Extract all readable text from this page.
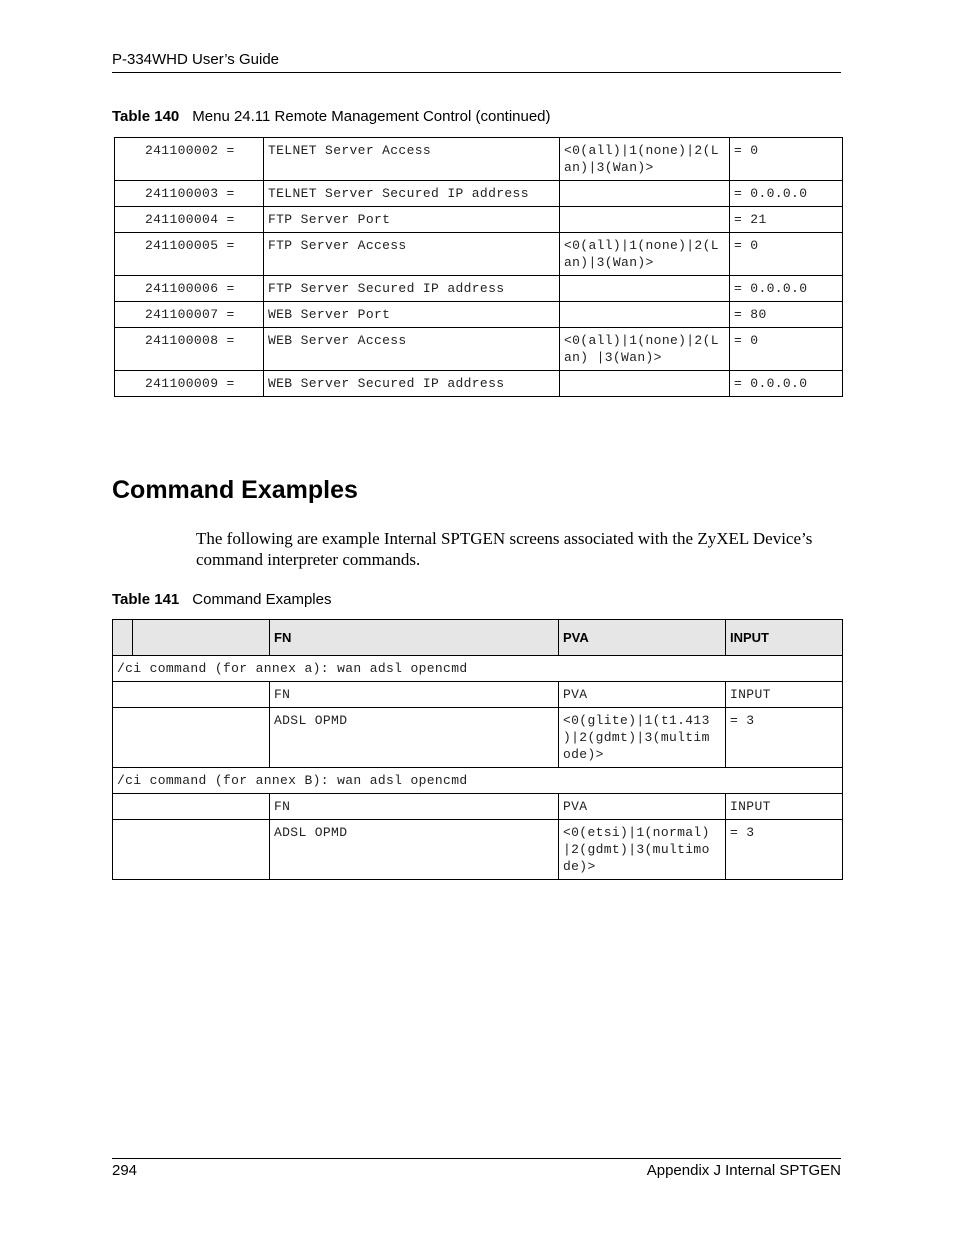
P-334WHD User’s Guide
Table 140 Menu 24.11 Remote Management Control (continued)
241100002 =	TELNET Server Access	<0(all)|1(none)|2(L an)|3(Wan)>	= 0
241100003 =	TELNET Server Secured IP address		= 0.0.0.0
241100004 =	FTP Server Port		= 21
241100005 =	FTP Server Access	<0(all)|1(none)|2(L an)|3(Wan)>	= 0
241100006 =	FTP Server Secured IP address		= 0.0.0.0
241100007 =	WEB Server Port		= 80
241100008 =	WEB Server Access	<0(all)|1(none)|2(L an) |3(Wan)>	= 0
241100009 =	WEB Server Secured IP address		= 0.0.0.0
Command Examples
The following are example Internal SPTGEN screens associated with the ZyXEL Device’s command interpreter commands.
Table 141 Command Examples
		FN	PVA	INPUT
/ci command (for annex a): wan adsl opencmd				
		FN	PVA	INPUT
		ADSL OPMD	<0(glite)|1(t1.413 )|2(gdmt)|3(multim ode)>	= 3
/ci command (for annex B): wan adsl opencmd				
		FN	PVA	INPUT
		ADSL OPMD	<0(etsi)|1(normal) |2(gdmt)|3(multimo de)>	= 3
294	Appendix J Internal SPTGEN
